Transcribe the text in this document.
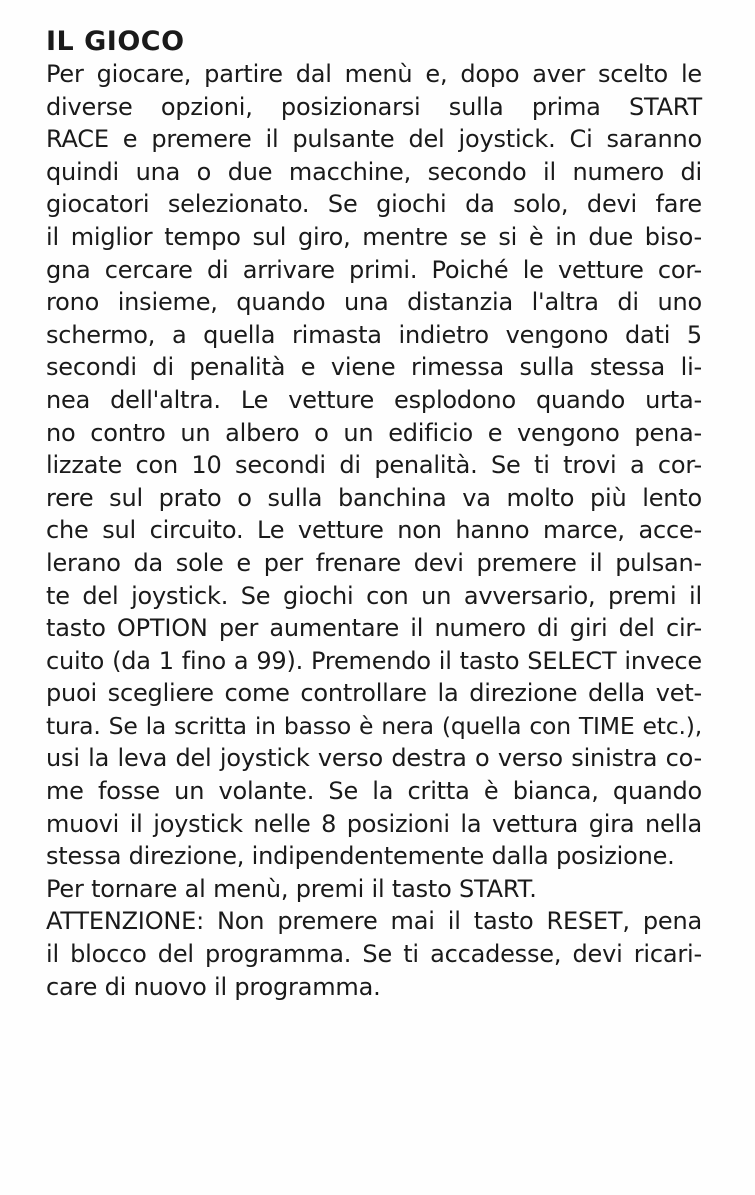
IL GIOCO
Per giocare, partire dal menù e, dopo aver scelto le
diverse opzioni, posizionarsi sulla prima START
RACE e premere il pulsante del joystick. Ci saranno
quindi una o due macchine, secondo il numero di
giocatori selezionato. Se giochi da solo, devi fare
il miglior tempo sul giro, mentre se si è in due biso-
gna cercare di arrivare primi. Poiché le vetture cor-
rono insieme, quando una distanzia l'altra di uno
schermo, a quella rimasta indietro vengono dati 5
secondi di penalità e viene rimessa sulla stessa li-
nea dell'altra. Le vetture esplodono quando urta-
no contro un albero o un edificio e vengono pena-
lizzate con 10 secondi di penalità. Se ti trovi a cor-
rere sul prato o sulla banchina va molto più lento
che sul circuito. Le vetture non hanno marce, acce-
lerano da sole e per frenare devi premere il pulsan-
te del joystick. Se giochi con un avversario, premi il
tasto OPTION per aumentare il numero di giri del cir-
cuito (da 1 fino a 99). Premendo il tasto SELECT invece
puoi scegliere come controllare la direzione della vet-
tura. Se la scritta in basso è nera (quella con TIME etc.),
usi la leva del joystick verso destra o verso sinistra co-
me fosse un volante. Se la critta è bianca, quando
muovi il joystick nelle 8 posizioni la vettura gira nella
stessa direzione, indipendentemente dalla posizione.
Per tornare al menù, premi il tasto START.
ATTENZIONE: Non premere mai il tasto RESET, pena
il blocco del programma. Se ti accadesse, devi ricari-
care di nuovo il programma.
